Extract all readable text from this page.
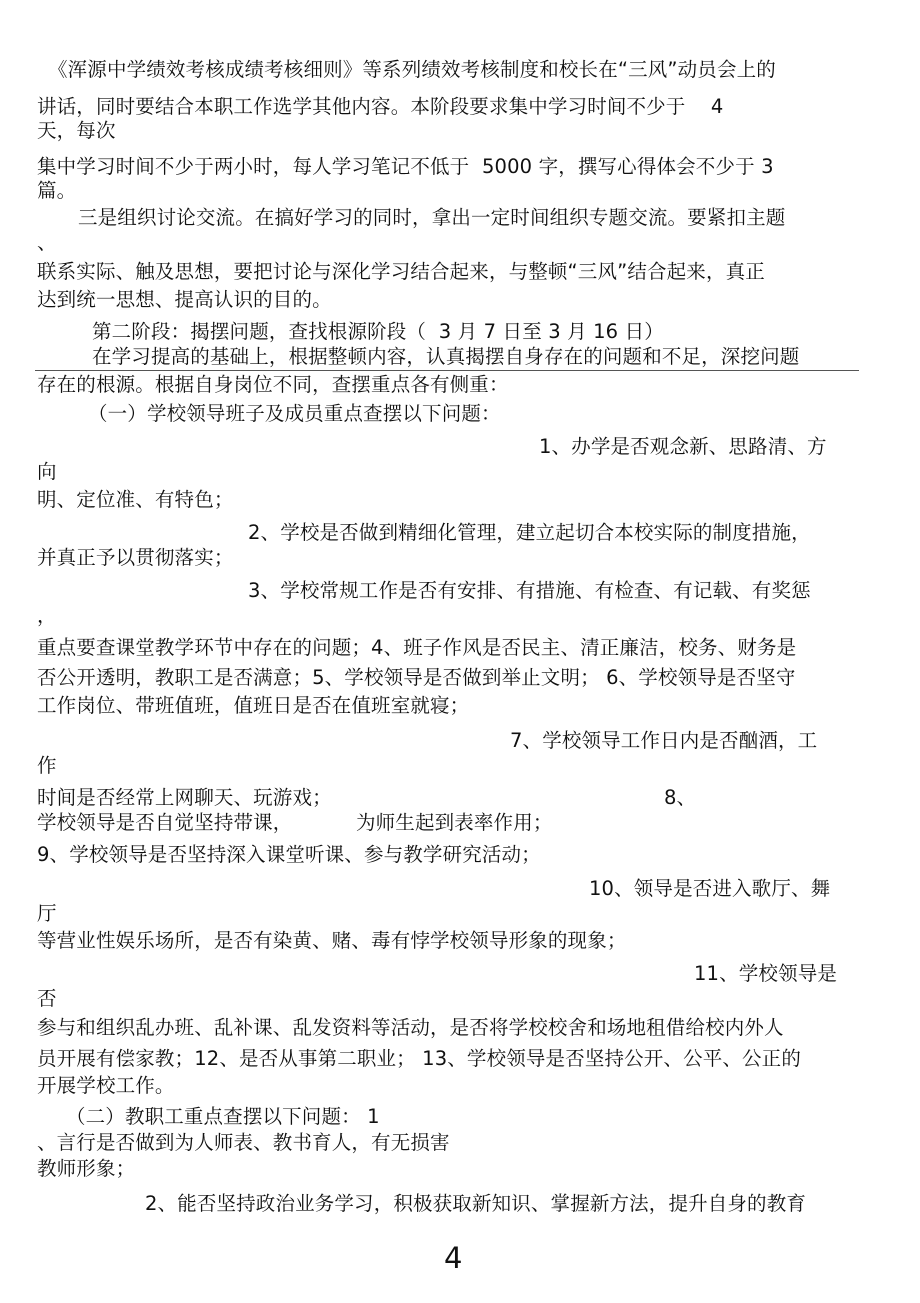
《浑源中学绩效考核成绩考核细则》等系列绩效考核制度和校长在“三风”动员会上的
讲话，同时要结合本职工作选学其他内容。本阶段要求集中学习时间不少于    4
天，每次
集中学习时间不少于两小时，每人学习笔记不低于  5000 字，撰写心得体会不少于 3
篇。
三是组织讨论交流。在搞好学习的同时，拿出一定时间组织专题交流。要紧扣主题
、
联系实际、触及思想，要把讨论与深化学习结合起来，与整顿“三风”结合起来，真正
达到统一思想、提高认识的目的。
第二阶段：揭摆问题，查找根源阶段（  3 月 7 日至 3 月 16 日）
在学习提高的基础上，根据整顿内容，认真揭摆自身存在的问题和不足，深挖问题
存在的根源。根据自身岗位不同，查摆重点各有侧重：
（一）学校领导班子及成员重点查摆以下问题：
1、办学是否观念新、思路清、方
向
明、定位准、有特色；
2、学校是否做到精细化管理，建立起切合本校实际的制度措施，
并真正予以贯彻落实；
3、学校常规工作是否有安排、有措施、有检查、有记载、有奖惩
，
重点要查课堂教学环节中存在的问题；4、班子作风是否民主、清正廉洁，校务、财务是
否公开透明，教职工是否满意；5、学校领导是否做到举止文明； 6、学校领导是否坚守
工作岗位、带班值班，值班日是否在值班室就寝；
7、学校领导工作日内是否酗酒，工
作
时间是否经常上网聊天、玩游戏；	8、
学校领导是否自觉坚持带课，	为师生起到表率作用；
9、学校领导是否坚持深入课堂听课、参与教学研究活动；
10、领导是否进入歌厅、舞
厅
等营业性娱乐场所，是否有染黄、赌、毒有悖学校领导形象的现象；
11、学校领导是
否
参与和组织乱办班、乱补课、乱发资料等活动，是否将学校校舍和场地租借给校内外人
员开展有偿家教；12、是否从事第二职业； 13、学校领导是否坚持公开、公平、公正的
开展学校工作。
（二）教职工重点查摆以下问题： 1
、言行是否做到为人师表、教书育人，有无损害
教师形象；
2、能否坚持政治业务学习，积极获取新知识、掌握新方法，提升自身的教育
4
